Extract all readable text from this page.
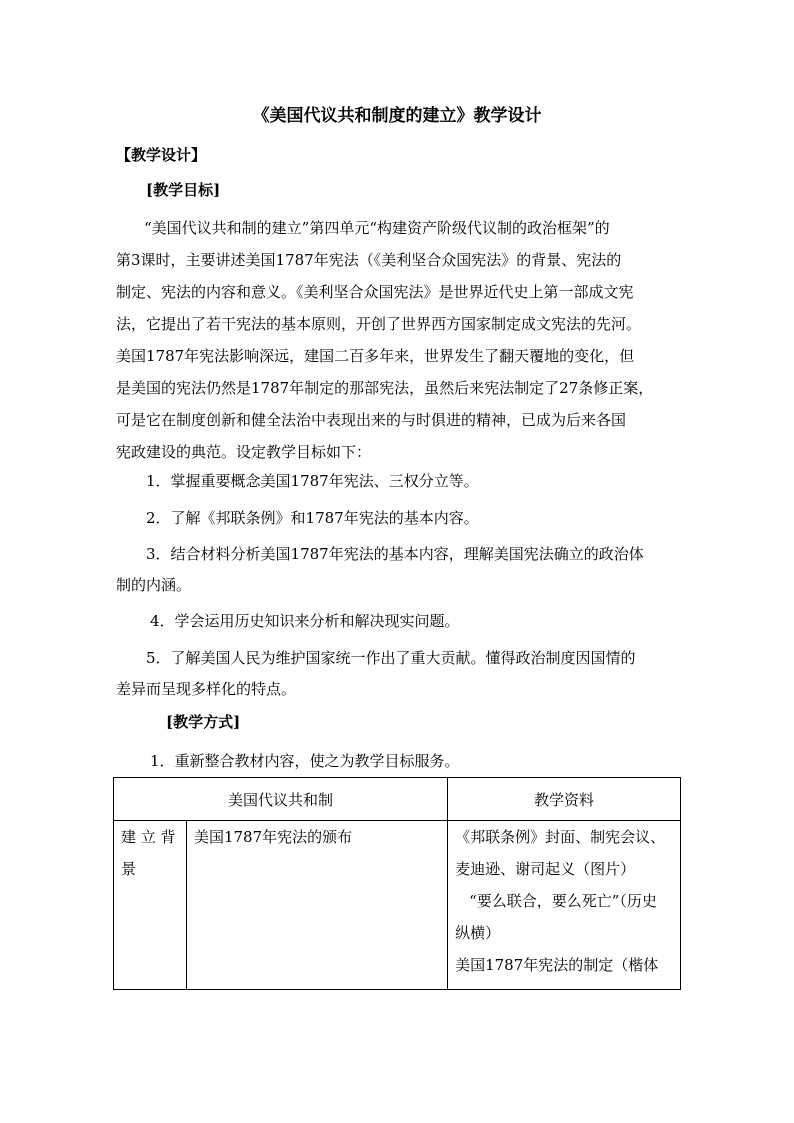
《美国代议共和制度的建立》教学设计
【教学设计】
[教学目标]
“美国代议共和制的建立”第四单元“构建资产阶级代议制的政治框架”的
第3课时，主要讲述美国1787年宪法（《美利坚合众国宪法》的背景、宪法的
制定、宪法的内容和意义。《美利坚合众国宪法》是世界近代史上第一部成文宪
法，它提出了若干宪法的基本原则，开创了世界西方国家制定成文宪法的先河。
美国1787年宪法影响深远，建国二百多年来，世界发生了翻天覆地的变化，但
是美国的宪法仍然是1787年制定的那部宪法，虽然后来宪法制定了27条修正案，
可是它在制度创新和健全法治中表现出来的与时俱进的精神，已成为后来各国
宪政建设的典范。设定教学目标如下：
1．掌握重要概念美国1787年宪法、三权分立等。
2．了解《邦联条例》和1787年宪法的基本内容。
3．结合材料分析美国1787年宪法的基本内容，理解美国宪法确立的政治体
制的内涵。
4．学会运用历史知识来分析和解决现实问题。
5．了解美国人民为维护国家统一作出了重大贡献。懂得政治制度因国情的
差异而呈现多样化的特点。
[教学方式]
1．重新整合教材内容，使之为教学目标服务。
美国代议共和制		教学资料

建 立 背
景	美国1787年宪法的颁布	《邦联条例》封面、制宪会议、
麦迪逊、谢司起义（图片）
“要么联合，要么死亡”（历史
纵横）
美国1787年宪法的制定（楷体
